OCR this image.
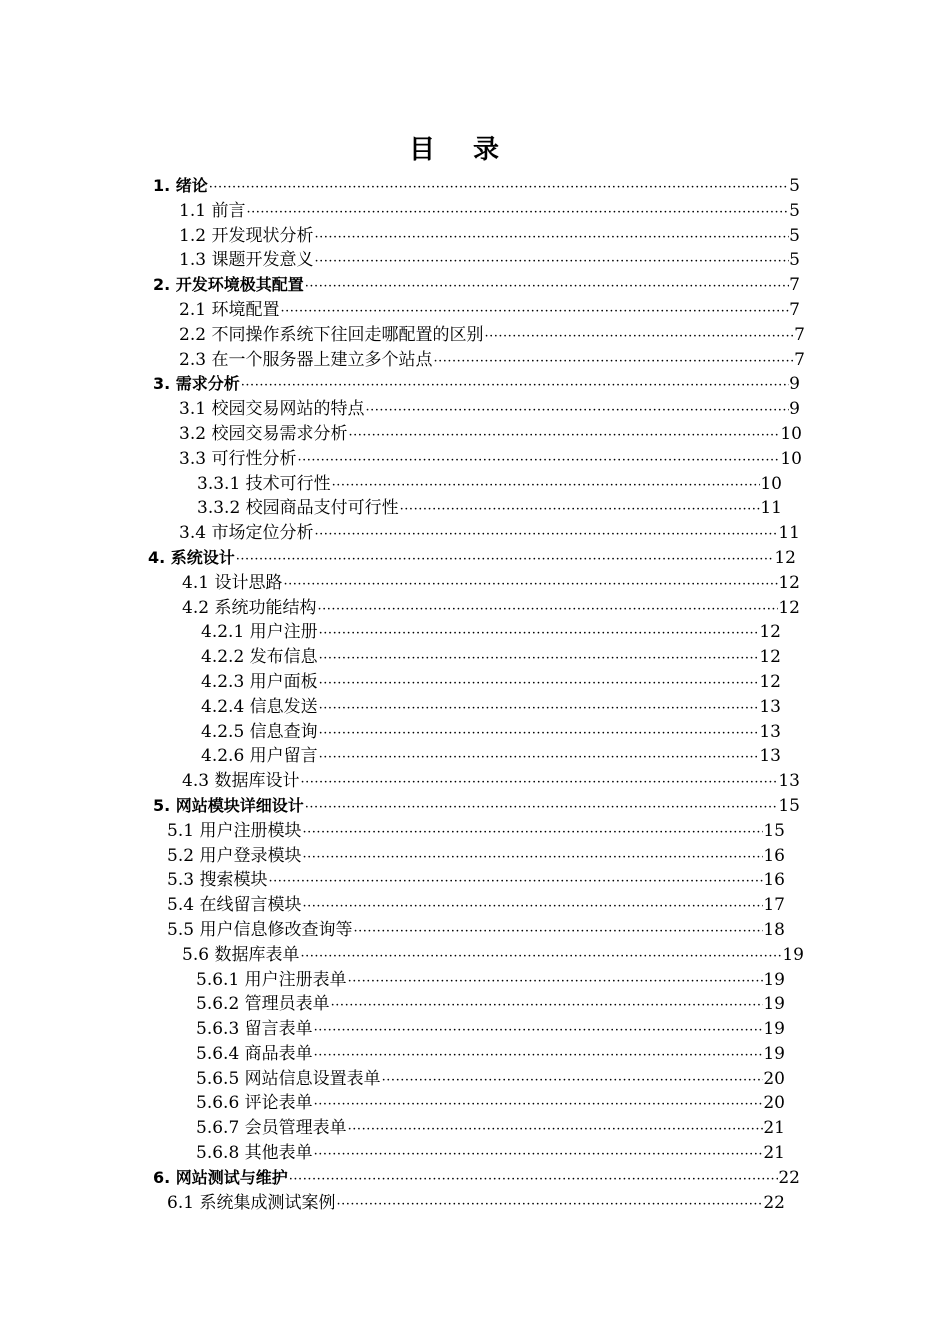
目 录
1. 绪论 ·····	5
1.1 前言 ·····	5
1.2 开发现状分析 ·····	5
1.3 课题开发意义 ·····	5
2. 开发环境极其配置 ·····	7
2.1 环境配置 ·····	7
2.2 不同操作系统下往回走哪配置的区别 ·····	7
2.3 在一个服务器上建立多个站点 ·····	7
3. 需求分析 ·····	9
3.1 校园交易网站的特点 ·····	9
3.2 校园交易需求分析 ·····	10
3.3 可行性分析 ·····	10
3.3.1 技术可行性 ·····	10
3.3.2 校园商品支付可行性 ·····	11
3.4 市场定位分析 ·····	11
4. 系统设计 ·····	12
4.1 设计思路 ·····	12
4.2 系统功能结构 ·····	12
4.2.1 用户注册 ·····	12
4.2.2 发布信息 ·····	12
4.2.3 用户面板 ·····	12
4.2.4 信息发送 ·····	13
4.2.5 信息查询 ·····	13
4.2.6 用户留言 ·····	13
4.3 数据库设计 ·····	13
5. 网站模块详细设计 ·····	15
5.1 用户注册模块 ·····	15
5.2 用户登录模块 ·····	16
5.3 搜索模块 ·····	16
5.4 在线留言模块 ·····	17
5.5 用户信息修改查询等 ·····	18
5.6 数据库表单 ·····	19
5.6.1 用户注册表单 ·····	19
5.6.2 管理员表单 ·····	19
5.6.3 留言表单 ·····	19
5.6.4 商品表单 ·····	19
5.6.5 网站信息设置表单 ·····	20
5.6.6 评论表单 ·····	20
5.6.7 会员管理表单 ·····	21
5.6.8 其他表单 ·····	21
6. 网站测试与维护 ·····	22
6.1 系统集成测试案例 ·····	22
